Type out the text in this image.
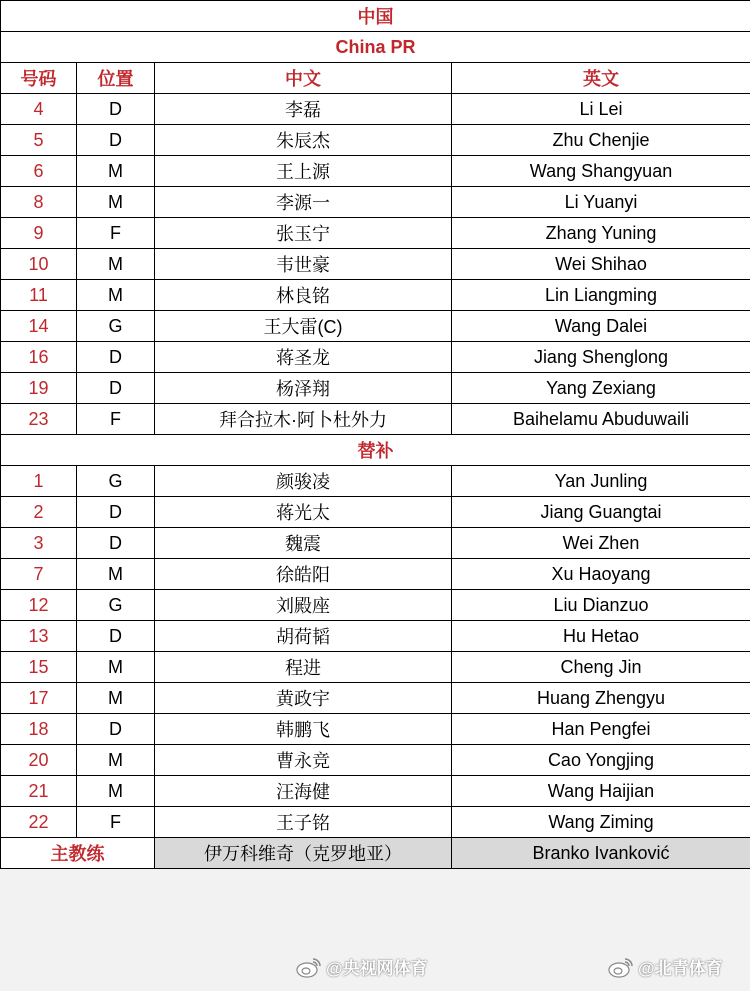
中国			
China PR			
号码	位置	中文	英文
4	D	李磊	Li Lei
5	D	朱辰杰	Zhu Chenjie
6	M	王上源	Wang Shangyuan
8	M	李源一	Li Yuanyi
9	F	张玉宁	Zhang Yuning
10	M	韦世豪	Wei Shihao
11	M	林良铭	Lin Liangming
14	G	王大雷(C)	Wang Dalei
16	D	蒋圣龙	Jiang Shenglong
19	D	杨泽翔	Yang Zexiang
23	F	拜合拉木·阿卜杜外力	Baihelamu Abuduwaili
替补			
1	G	颜骏凌	Yan Junling
2	D	蒋光太	Jiang Guangtai
3	D	魏震	Wei Zhen
7	M	徐皓阳	Xu Haoyang
12	G	刘殿座	Liu Dianzuo
13	D	胡荷韬	Hu Hetao
15	M	程进	Cheng Jin
17	M	黄政宇	Huang Zhengyu
18	D	韩鹏飞	Han Pengfei
20	M	曹永竞	Cao Yongjing
21	M	汪海健	Wang Haijian
22	F	王子铭	Wang Ziming
主教练		伊万科维奇（克罗地亚）	Branko Ivanković
@央视网体育	@北青体育
